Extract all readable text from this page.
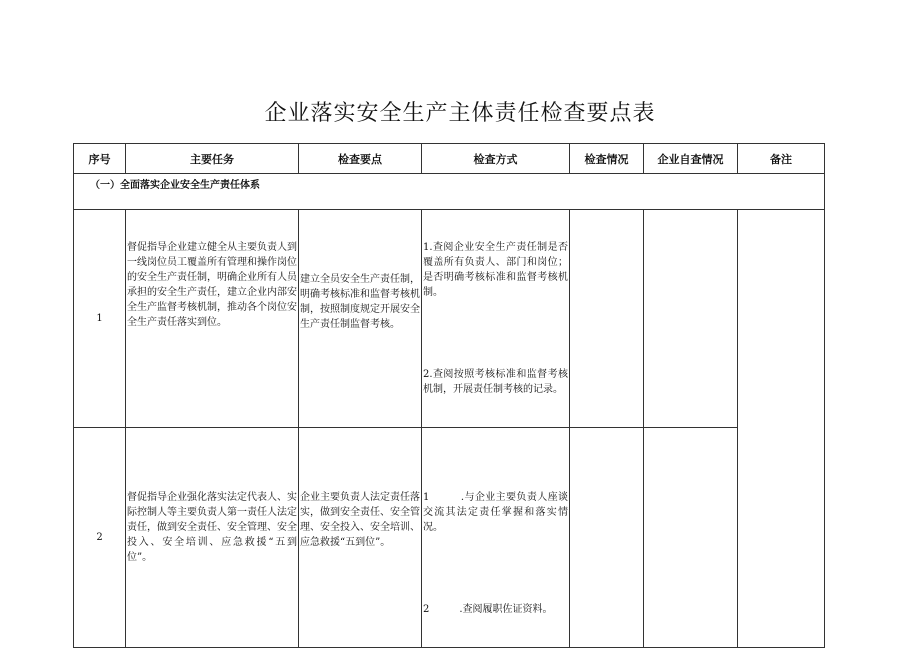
企业落实安全生产主体责任检查要点表
序号	主要任务	检查要点	检查方式	检查情况	企业自查情况	备注
（一）全面落实企业安全生产责任体系						
1	督促指导企业建立健全从主要负责人到一线岗位员工覆盖所有管理和操作岗位的安全生产责任制，明确企业所有人员承担的安全生产责任，建立企业内部安全生产监督考核机制，推动各个岗位安全生产责任落实到位。	建立全员安全生产责任制，明确考核标准和监督考核机制，按照制度规定开展安全生产责任制监督考核。	1.查阅企业安全生产责任制是否覆盖所有负责人、部门和岗位；是否明确考核标准和监督考核机制。

2.查阅按照考核标准和监督考核机制，开展责任制考核的记录。			

2	督促指导企业强化落实法定代表人、实际控制人等主要负责人第一责任人法定责任，做到安全责任、安全管理、安全投入、安全培训、应急救援“五到位”。	企业主要负责人法定责任落实，做到安全责任、安全管理、安全投入、安全培训、应急救援“五到位”。	1　　　.与企业主要负责人座谈交流其法定责任掌握和落实情况。

2　　　.查阅履职佐证资料。			
